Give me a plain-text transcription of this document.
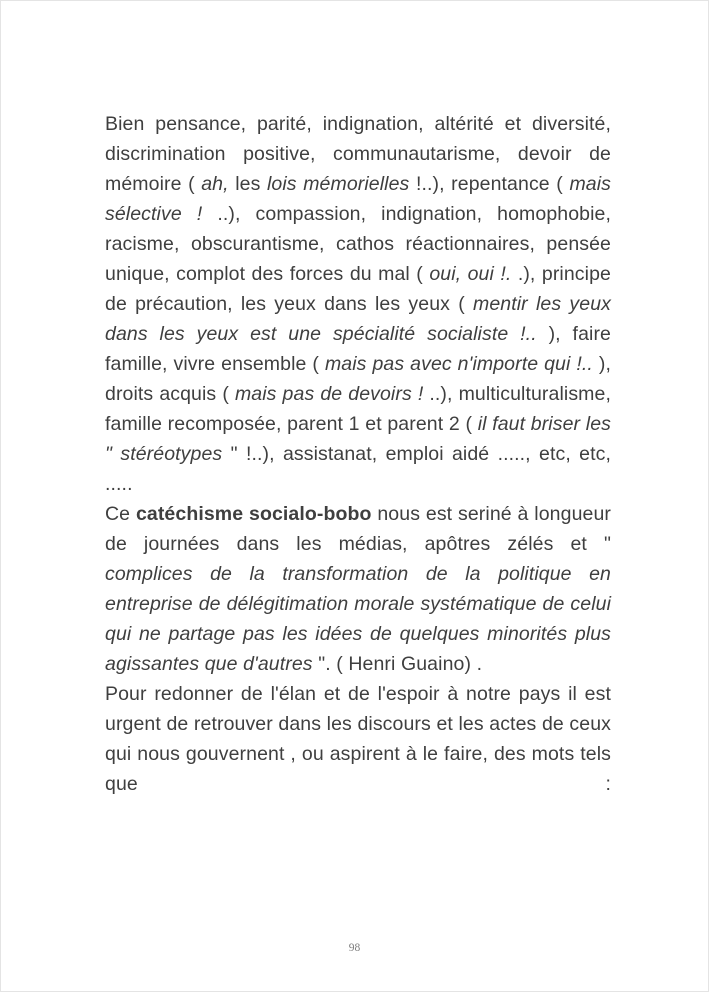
Bien pensance, parité, indignation, altérité et diversité, discrimination positive, communautarisme, devoir de mémoire ( ah, les lois mémorielles !..), repentance ( mais sélective ! ..), compassion, indignation, homophobie, racisme, obscurantisme, cathos réactionnaires, pensée unique, complot des forces du mal ( oui, oui !. .), principe de précaution, les yeux dans les yeux ( mentir les yeux dans les yeux est une spécialité socialiste !.. ), faire famille, vivre ensemble ( mais pas avec n'importe qui !.. ), droits acquis ( mais pas de devoirs ! ..), multiculturalisme, famille recomposée, parent 1 et parent 2 ( il faut briser les " stéréotypes " !..), assistanat, emploi aidé ....., etc, etc, .....

Ce catéchisme socialo-bobo nous est seriné à longueur de journées dans les médias, apôtres zélés et " complices de la transformation de la politique en entreprise de délégitimation morale systématique de celui qui ne partage pas les idées de quelques minorités plus agissantes que d'autres ". ( Henri Guaino) .

Pour redonner de l'élan et de l'espoir à notre pays il est urgent de retrouver dans les discours et les actes de ceux qui nous gouvernent , ou aspirent à le faire, des mots tels que :

98
